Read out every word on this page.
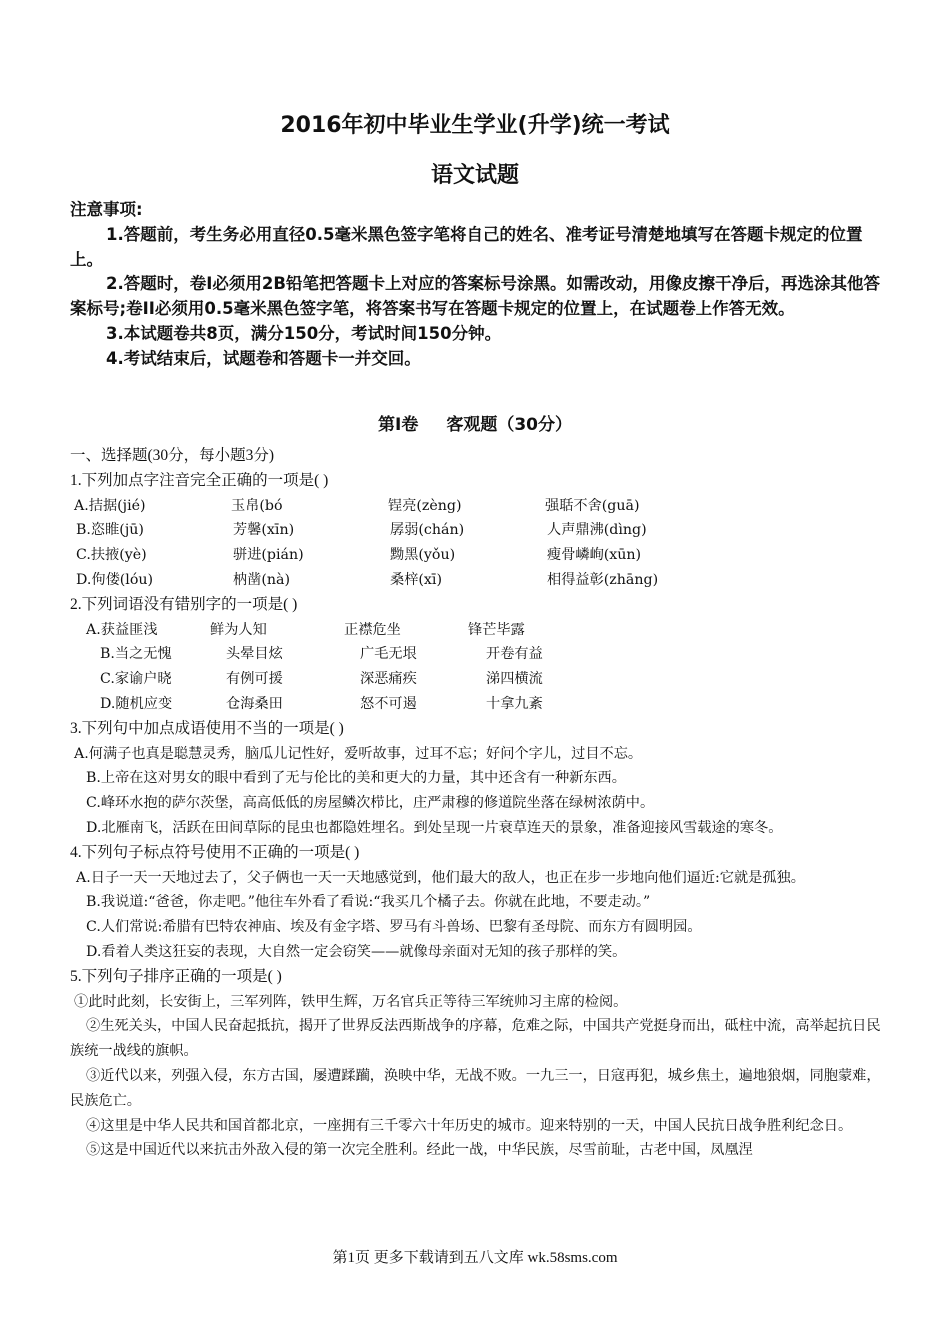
2016年初中毕业生学业(升学)统一考试
语文试题
注意事项:
1.答题前，考生务必用直径0.5毫米黑色签字笔将自己的姓名、准考证号清楚地填写在答题卡规定的位置上。
2.答题时，卷Ⅰ必须用2B铅笔把答题卡上对应的答案标号涂黑。如需改动，用像皮擦干净后，再选涂其他答案标号;卷II必须用0.5毫米黑色签字笔，将答案书写在答题卡规定的位置上，在试题卷上作答无效。
3.本试题卷共8页，满分150分，考试时间150分钟。
4.考试结束后，试题卷和答题卡一并交回。
第Ⅰ卷 客观题（30分）
一、选择题(30分，每小题3分)
1.下列加点字注音完全正确的一项是( )
A.拮据(jié)	玉帛(bó	锃亮(zèng)	强聒不舍(guā)
B.恣睢(jū)	芳馨(xīn)	孱弱(chán)	人声鼎沸(dìng)
C.扶掖(yè)	骈进(pián)	黝黑(yǒu)	瘦骨嶙峋(xūn)
D.佝偻(lóu)	枘凿(nà)	桑梓(xī)	相得益彰(zhāng)
2.下列词语没有错别字的一项是( )
A.获益匪浅	鲜为人知	正襟危坐	锋芒毕露
B.当之无愧	头晕目炫	广毛无垠	开卷有益
C.家谕户晓	有例可援	深恶痛疾	涕四横流
D.随机应变	仓海桑田	怒不可遏	十拿九紊
3.下列句中加点成语使用不当的一项是( )
A.何满子也真是聪慧灵秀，脑瓜儿记性好，爱听故事，过耳不忘；好问个字儿，过目不忘。
B.上帝在这对男女的眼中看到了无与伦比的美和更大的力量，其中还含有一种新东西。
C.峰环水抱的萨尔茨堡，高高低低的房屋鳞次栉比，庄严肃穆的修道院坐落在绿树浓荫中。
D.北雁南飞，活跃在田间草际的昆虫也都隐姓埋名。到处呈现一片衰草连天的景象，准备迎接风雪载途的寒冬。
4.下列句子标点符号使用不正确的一项是( )
A.日子一天一天地过去了，父子俩也一天一天地感觉到，他们最大的敌人，也正在步一步地向他们逼近:它就是孤独。
B.我说道:“爸爸，你走吧。”他往车外看了看说:“我买几个橘子去。你就在此地，不要走动。”
C.人们常说:希腊有巴特农神庙、埃及有金字塔、罗马有斗兽场、巴黎有圣母院、而东方有圆明园。
D.看着人类这狂妄的表现，大自然一定会窃笑——就像母亲面对无知的孩子那样的笑。
5.下列句子排序正确的一项是( )
①此时此刻，长安街上，三军列阵，铁甲生辉，万名官兵正等待三军统帅习主席的检阅。
②生死关头，中国人民奋起抵抗，揭开了世界反法西斯战争的序幕，危难之际，中国共产党挺身而出，砥柱中流，高举起抗日民族统一战线的旗帜。
③近代以来，列强入侵，东方古国，屡遭蹂躏，涣映中华，无战不败。一九三一，日寇再犯，城乡焦土，遍地狼烟，同胞蒙难，民族危亡。
④这里是中华人民共和国首都北京，一座拥有三千零六十年历史的城市。迎来特别的一天，中国人民抗日战争胜利纪念日。
⑤这是中国近代以来抗击外敌入侵的第一次完全胜利。经此一战，中华民族，尽雪前耻，古老中国，凤凰涅
第1页 更多下载请到五八文库 wk.58sms.com
